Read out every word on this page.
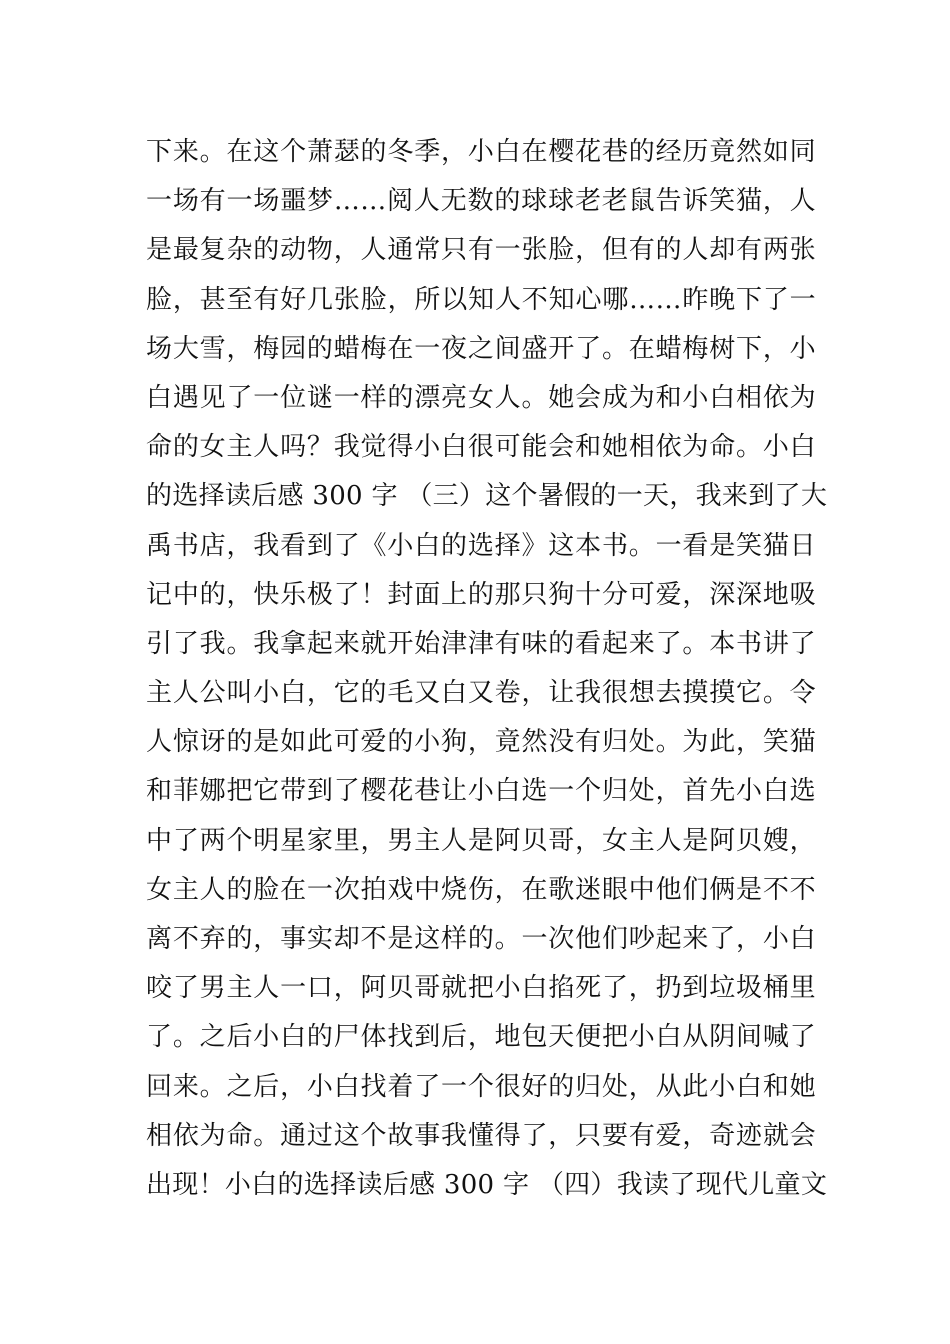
下来。在这个萧瑟的冬季，小白在樱花巷的经历竟然如同
一场有一场噩梦……阅人无数的球球老老鼠告诉笑猫，人
是最复杂的动物，人通常只有一张脸，但有的人却有两张
脸，甚至有好几张脸，所以知人不知心哪……昨晚下了一
场大雪，梅园的蜡梅在一夜之间盛开了。在蜡梅树下，小
白遇见了一位谜一样的漂亮女人。她会成为和小白相依为
命的女主人吗？我觉得小白很可能会和她相依为命。小白
的选择读后感 300 字 （三）这个暑假的一天，我来到了大
禹书店，我看到了《小白的选择》这本书。一看是笑猫日
记中的，快乐极了！封面上的那只狗十分可爱，深深地吸
引了我。我拿起来就开始津津有味的看起来了。本书讲了
主人公叫小白，它的毛又白又卷，让我很想去摸摸它。令
人惊讶的是如此可爱的小狗，竟然没有归处。为此，笑猫
和菲娜把它带到了樱花巷让小白选一个归处，首先小白选
中了两个明星家里，男主人是阿贝哥，女主人是阿贝嫂，
女主人的脸在一次拍戏中烧伤，在歌迷眼中他们俩是不不
离不弃的，事实却不是这样的。一次他们吵起来了，小白
咬了男主人一口，阿贝哥就把小白掐死了，扔到垃圾桶里
了。之后小白的尸体找到后，地包天便把小白从阴间喊了
回来。之后，小白找着了一个很好的归处，从此小白和她
相依为命。通过这个故事我懂得了，只要有爱，奇迹就会
出现！小白的选择读后感 300 字 （四）我读了现代儿童文
